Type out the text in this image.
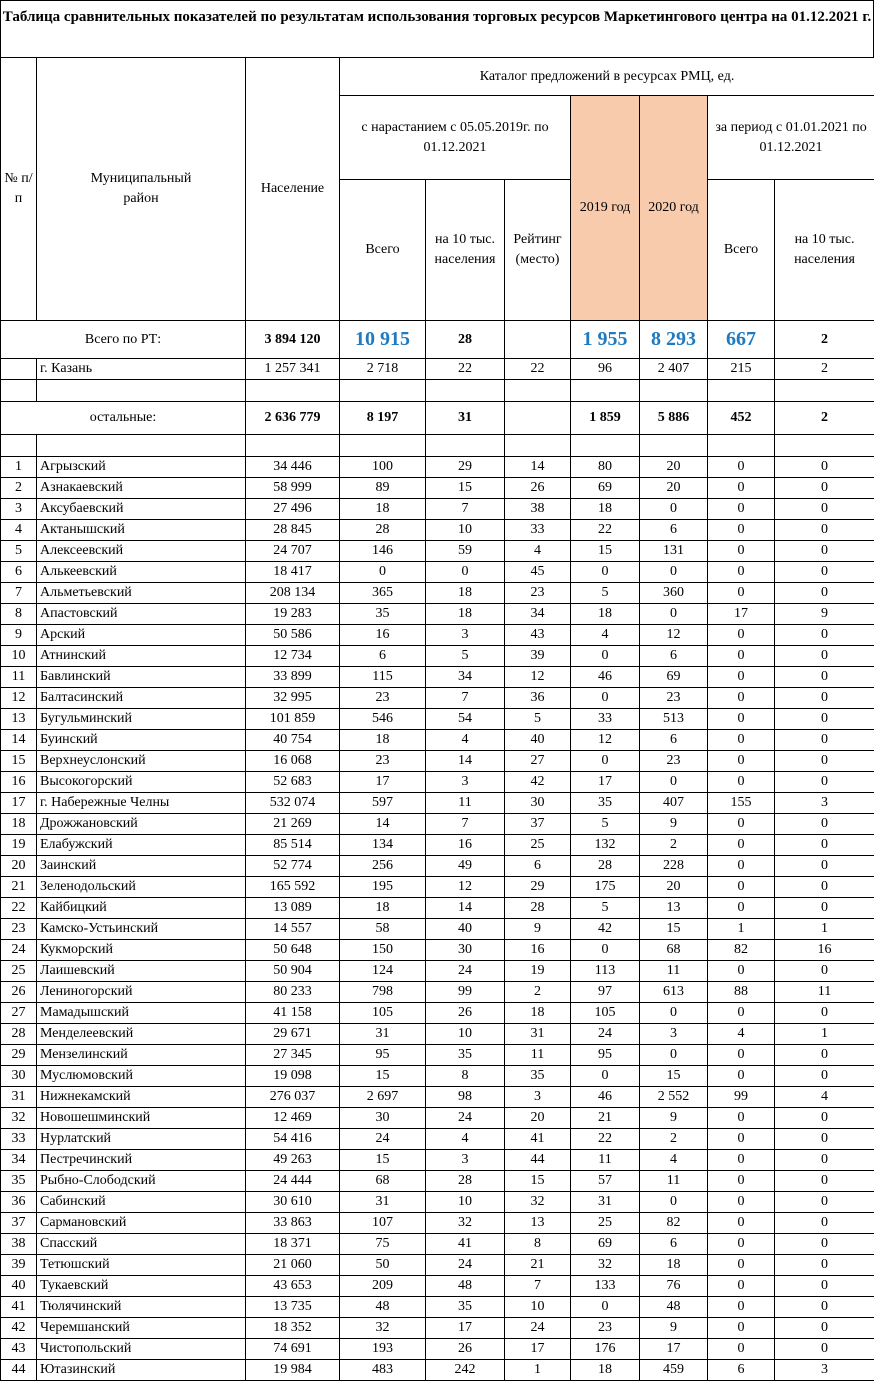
Таблица сравнительных показателей по результатам использования торговых ресурсов Маркетингового центра на 01.12.2021 г.
№ п/п	Муниципальный район	Население	Каталог предложений в ресурсах РМЦ, ед.						
			с нарастанием с 05.05.2019г. по 01.12.2021			2019 год	2020 год	за период с 01.01.2021 по 01.12.2021	
			Всего	на 10 тыс. населения	Рейтинг (место)			Всего	на 10 тыс. населения
Всего по РТ:		3 894 120	10 915	28		1 955	8 293	667	2
	г. Казань	1 257 341	2 718	22	22	96	2 407	215	2

остальные:		2 636 779	8 197	31		1 859	5 886	452	2

1	Агрызский	34 446	100	29	14	80	20	0	0
2	Азнакаевский	58 999	89	15	26	69	20	0	0
3	Аксубаевский	27 496	18	7	38	18	0	0	0
4	Актанышский	28 845	28	10	33	22	6	0	0
5	Алексеевский	24 707	146	59	4	15	131	0	0
6	Алькеевский	18 417	0	0	45	0	0	0	0
7	Альметьевский	208 134	365	18	23	5	360	0	0
8	Апастовский	19 283	35	18	34	18	0	17	9
9	Арский	50 586	16	3	43	4	12	0	0
10	Атнинский	12 734	6	5	39	0	6	0	0
11	Бавлинский	33 899	115	34	12	46	69	0	0
12	Балтасинский	32 995	23	7	36	0	23	0	0
13	Бугульминский	101 859	546	54	5	33	513	0	0
14	Буинский	40 754	18	4	40	12	6	0	0
15	Верхнеуслонский	16 068	23	14	27	0	23	0	0
16	Высокогорский	52 683	17	3	42	17	0	0	0
17	г. Набережные Челны	532 074	597	11	30	35	407	155	3
18	Дрожжановский	21 269	14	7	37	5	9	0	0
19	Елабужский	85 514	134	16	25	132	2	0	0
20	Заинский	52 774	256	49	6	28	228	0	0
21	Зеленодольский	165 592	195	12	29	175	20	0	0
22	Кайбицкий	13 089	18	14	28	5	13	0	0
23	Камско-Устьинский	14 557	58	40	9	42	15	1	1
24	Кукморский	50 648	150	30	16	0	68	82	16
25	Лаишевский	50 904	124	24	19	113	11	0	0
26	Лениногорский	80 233	798	99	2	97	613	88	11
27	Мамадышский	41 158	105	26	18	105	0	0	0
28	Менделеевский	29 671	31	10	31	24	3	4	1
29	Мензелинский	27 345	95	35	11	95	0	0	0
30	Муслюмовский	19 098	15	8	35	0	15	0	0
31	Нижнекамский	276 037	2 697	98	3	46	2 552	99	4
32	Новошешминский	12 469	30	24	20	21	9	0	0
33	Нурлатский	54 416	24	4	41	22	2	0	0
34	Пестречинский	49 263	15	3	44	11	4	0	0
35	Рыбно-Слободский	24 444	68	28	15	57	11	0	0
36	Сабинский	30 610	31	10	32	31	0	0	0
37	Сармановский	33 863	107	32	13	25	82	0	0
38	Спасский	18 371	75	41	8	69	6	0	0
39	Тетюшский	21 060	50	24	21	32	18	0	0
40	Тукаевский	43 653	209	48	7	133	76	0	0
41	Тюлячинский	13 735	48	35	10	0	48	0	0
42	Черемшанский	18 352	32	17	24	23	9	0	0
43	Чистопольский	74 691	193	26	17	176	17	0	0
44	Ютазинский	19 984	483	242	1	18	459	6	3
